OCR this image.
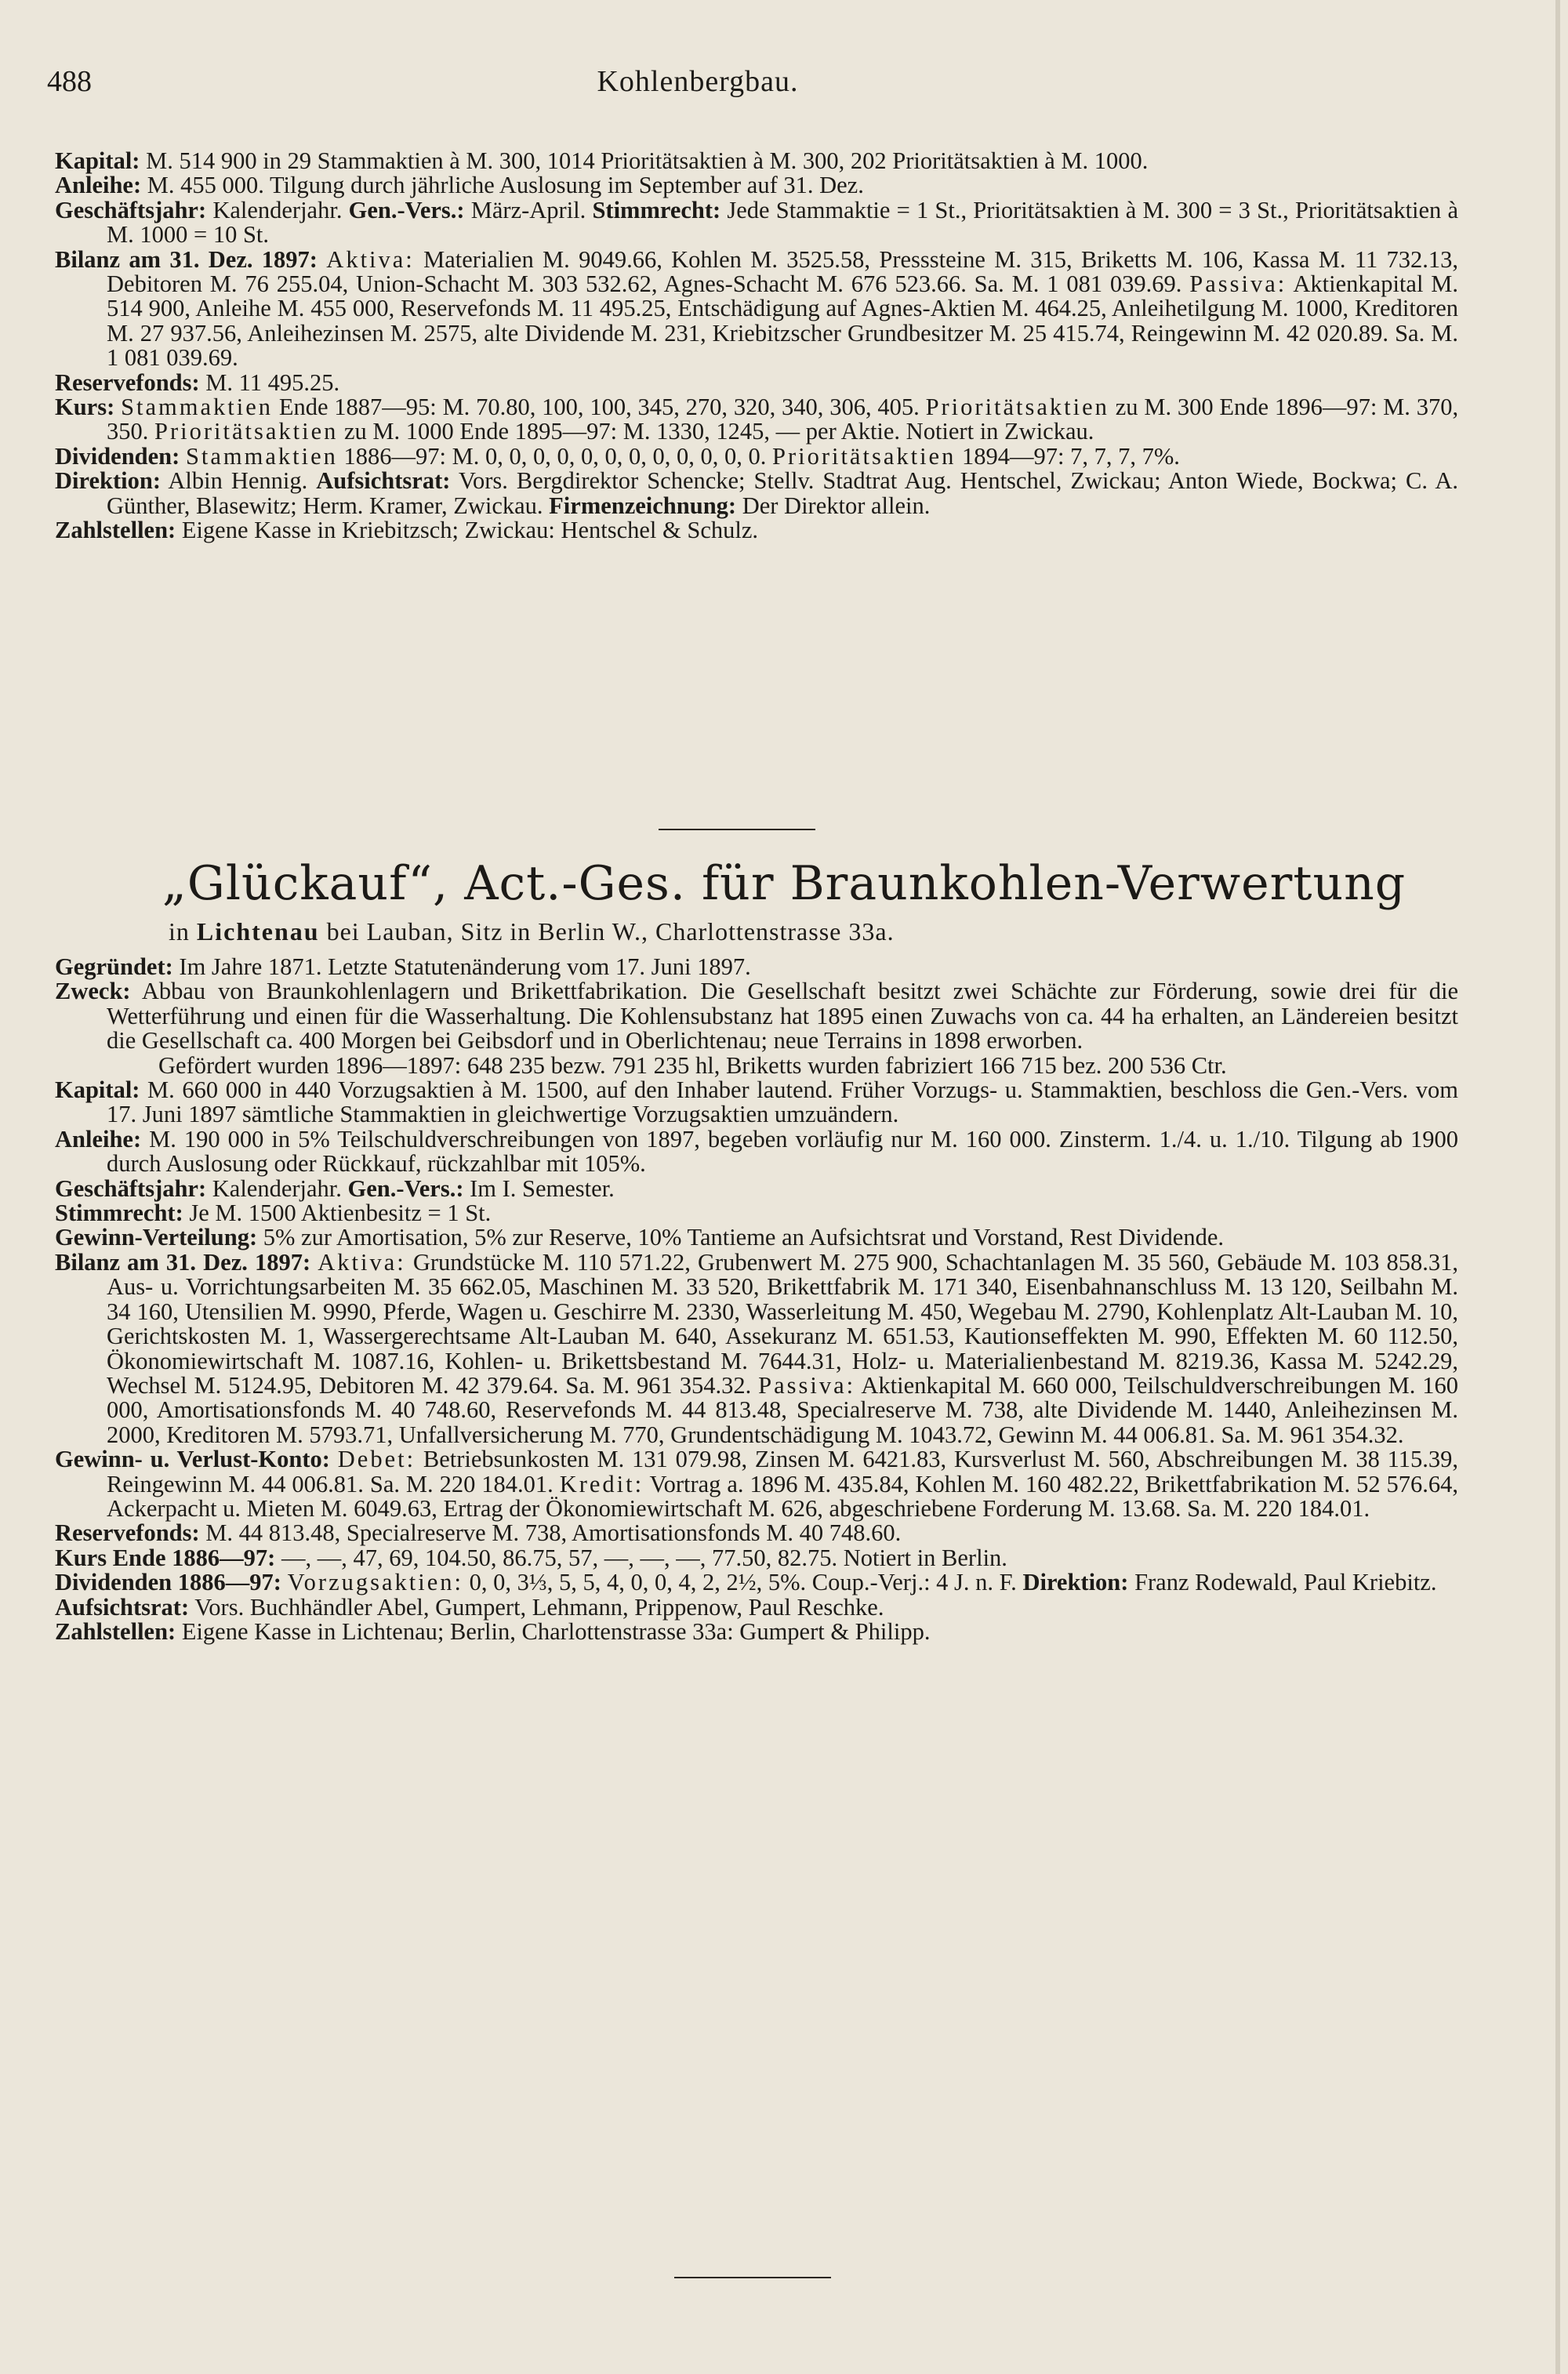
488	Kohlenbergbau.

Kapital: M. 514 900 in 29 Stammaktien à M. 300, 1014 Prioritätsaktien à M. 300, 202 Prioritätsaktien à M. 1000.

Anleihe: M. 455 000. Tilgung durch jährliche Auslosung im September auf 31. Dez.

Geschäftsjahr: Kalenderjahr. Gen.-Vers.: März-April. Stimmrecht: Jede Stammaktie = 1 St., Prioritätsaktien à M. 300 = 3 St., Prioritätsaktien à M. 1000 = 10 St.

Bilanz am 31. Dez. 1897: Aktiva: Materialien M. 9049.66, Kohlen M. 3525.58, Presssteine M. 315, Briketts M. 106, Kassa M. 11 732.13, Debitoren M. 76 255.04, Union-Schacht M. 303 532.62, Agnes-Schacht M. 676 523.66. Sa. M. 1 081 039.69. Passiva: Aktienkapital M. 514 900, Anleihe M. 455 000, Reservefonds M. 11 495.25, Entschädigung auf Agnes-Aktien M. 464.25, Anleihetilgung M. 1000, Kreditoren M. 27 937.56, Anleihezinsen M. 2575, alte Dividende M. 231, Kriebitzscher Grundbesitzer M. 25 415.74, Reingewinn M. 42 020.89. Sa. M. 1 081 039.69.

Reservefonds: M. 11 495.25.

Kurs: Stammaktien Ende 1887—95: M. 70.80, 100, 100, 345, 270, 320, 340, 306, 405. Prioritätsaktien zu M. 300 Ende 1896—97: M. 370, 350. Prioritätsaktien zu M. 1000 Ende 1895—97: M. 1330, 1245, — per Aktie. Notiert in Zwickau.

Dividenden: Stammaktien 1886—97: M. 0, 0, 0, 0, 0, 0, 0, 0, 0, 0, 0, 0. Prioritätsaktien 1894—97: 7, 7, 7, 7%.

Direktion: Albin Hennig. Aufsichtsrat: Vors. Bergdirektor Schencke; Stellv. Stadtrat Aug. Hentschel, Zwickau; Anton Wiede, Bockwa; C. A. Günther, Blasewitz; Herm. Kramer, Zwickau. Firmenzeichnung: Der Direktor allein.

Zahlstellen: Eigene Kasse in Kriebitzsch; Zwickau: Hentschel & Schulz.

„Glückauf“, Act.-Ges. für Braunkohlen-Verwertung
in Lichtenau bei Lauban, Sitz in Berlin W., Charlottenstrasse 33a.

Gegründet: Im Jahre 1871. Letzte Statutenänderung vom 17. Juni 1897.

Zweck: Abbau von Braunkohlenlagern und Brikettfabrikation. Die Gesellschaft besitzt zwei Schächte zur Förderung, sowie drei für die Wetterführung und einen für die Wasserhaltung. Die Kohlensubstanz hat 1895 einen Zuwachs von ca. 44 ha erhalten, an Ländereien besitzt die Gesellschaft ca. 400 Morgen bei Geibsdorf und in Oberlichtenau; neue Terrains in 1898 erworben.

Gefördert wurden 1896—1897: 648 235 bezw. 791 235 hl, Briketts wurden fabriziert 166 715 bez. 200 536 Ctr.

Kapital: M. 660 000 in 440 Vorzugsaktien à M. 1500, auf den Inhaber lautend. Früher Vorzugs- u. Stammaktien, beschloss die Gen.-Vers. vom 17. Juni 1897 sämtliche Stammaktien in gleichwertige Vorzugsaktien umzuändern.

Anleihe: M. 190 000 in 5% Teilschuldverschreibungen von 1897, begeben vorläufig nur M. 160 000. Zinsterm. 1./4. u. 1./10. Tilgung ab 1900 durch Auslosung oder Rückkauf, rückzahlbar mit 105%.

Geschäftsjahr: Kalenderjahr. Gen.-Vers.: Im I. Semester.

Stimmrecht: Je M. 1500 Aktienbesitz = 1 St.

Gewinn-Verteilung: 5% zur Amortisation, 5% zur Reserve, 10% Tantieme an Aufsichtsrat und Vorstand, Rest Dividende.

Bilanz am 31. Dez. 1897: Aktiva: Grundstücke M. 110 571.22, Grubenwert M. 275 900, Schachtanlagen M. 35 560, Gebäude M. 103 858.31, Aus- u. Vorrichtungsarbeiten M. 35 662.05, Maschinen M. 33 520, Brikettfabrik M. 171 340, Eisenbahnanschluss M. 13 120, Seilbahn M. 34 160, Utensilien M. 9990, Pferde, Wagen u. Geschirre M. 2330, Wasserleitung M. 450, Wegebau M. 2790, Kohlenplatz Alt-Lauban M. 10, Gerichtskosten M. 1, Wassergerechtsame Alt-Lauban M. 640, Assekuranz M. 651.53, Kautionseffekten M. 990, Effekten M. 60 112.50, Ökonomiewirtschaft M. 1087.16, Kohlen- u. Brikettsbestand M. 7644.31, Holz- u. Materialienbestand M. 8219.36, Kassa M. 5242.29, Wechsel M. 5124.95, Debitoren M. 42 379.64. Sa. M. 961 354.32. Passiva: Aktienkapital M. 660 000, Teilschuldverschreibungen M. 160 000, Amortisationsfonds M. 40 748.60, Reservefonds M. 44 813.48, Specialreserve M. 738, alte Dividende M. 1440, Anleihezinsen M. 2000, Kreditoren M. 5793.71, Unfallversicherung M. 770, Grundentschädigung M. 1043.72, Gewinn M. 44 006.81. Sa. M. 961 354.32.

Gewinn- u. Verlust-Konto: Debet: Betriebsunkosten M. 131 079.98, Zinsen M. 6421.83, Kursverlust M. 560, Abschreibungen M. 38 115.39, Reingewinn M. 44 006.81. Sa. M. 220 184.01. Kredit: Vortrag a. 1896 M. 435.84, Kohlen M. 160 482.22, Brikettfabrikation M. 52 576.64, Ackerpacht u. Mieten M. 6049.63, Ertrag der Ökonomiewirtschaft M. 626, abgeschriebene Forderung M. 13.68. Sa. M. 220 184.01.

Reservefonds: M. 44 813.48, Specialreserve M. 738, Amortisationsfonds M. 40 748.60.

Kurs Ende 1886—97: —, —, 47, 69, 104.50, 86.75, 57, —, —, —, 77.50, 82.75. Notiert in Berlin.

Dividenden 1886—97: Vorzugsaktien: 0, 0, 3⅓, 5, 5, 4, 0, 0, 4, 2, 2½, 5%. Coup.-Verj.: 4 J. n. F. Direktion: Franz Rodewald, Paul Kriebitz.

Aufsichtsrat: Vors. Buchhändler Abel, Gumpert, Lehmann, Prippenow, Paul Reschke.

Zahlstellen: Eigene Kasse in Lichtenau; Berlin, Charlottenstrasse 33a: Gumpert & Philipp.
